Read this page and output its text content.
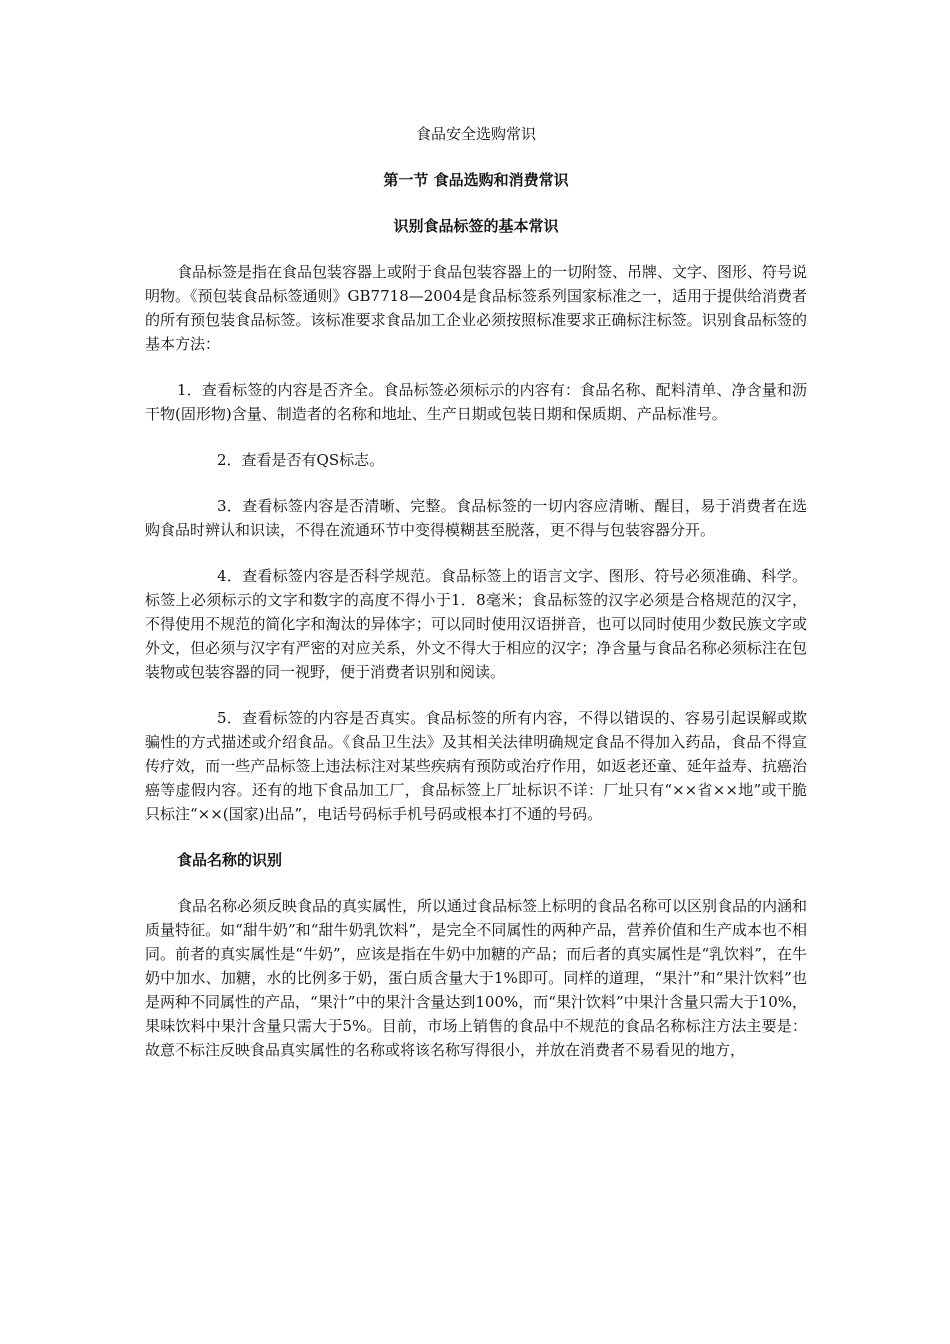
食品安全选购常识
第一节 食品选购和消费常识
识别食品标签的基本常识
食品标签是指在食品包装容器上或附于食品包装容器上的一切附签、吊牌、文字、图形、符号说明物。《预包装食品标签通则》GB7718—2004是食品标签系列国家标准之一，适用于提供给消费者的所有预包装食品标签。该标准要求食品加工企业必须按照标准要求正确标注标签。识别食品标签的基本方法：
1．查看标签的内容是否齐全。食品标签必须标示的内容有：食品名称、配料清单、净含量和沥干物(固形物)含量、制造者的名称和地址、生产日期或包装日期和保质期、产品标准号。
2．查看是否有QS标志。
3．查看标签内容是否清晰、完整。食品标签的一切内容应清晰、醒目，易于消费者在选购食品时辨认和识读，不得在流通环节中变得模糊甚至脱落，更不得与包装容器分开。
4．查看标签内容是否科学规范。食品标签上的语言文字、图形、符号必须准确、科学。标签上必须标示的文字和数字的高度不得小于1．8毫米；食品标签的汉字必须是合格规范的汉字，不得使用不规范的简化字和淘汰的异体字；可以同时使用汉语拼音，也可以同时使用少数民族文字或外文，但必须与汉字有严密的对应关系，外文不得大于相应的汉字；净含量与食品名称必须标注在包装物或包装容器的同一视野，便于消费者识别和阅读。
5．查看标签的内容是否真实。食品标签的所有内容，不得以错误的、容易引起误解或欺骗性的方式描述或介绍食品。《食品卫生法》及其相关法律明确规定食品不得加入药品，食品不得宣传疗效，而一些产品标签上违法标注对某些疾病有预防或治疗作用，如返老还童、延年益寿、抗癌治癌等虚假内容。还有的地下食品加工厂，食品标签上厂址标识不详：厂址只有“××省××地”或干脆只标注“××(国家)出品”，电话号码标手机号码或根本打不通的号码。
食品名称的识别
食品名称必须反映食品的真实属性，所以通过食品标签上标明的食品名称可以区别食品的内涵和质量特征。如“甜牛奶”和“甜牛奶乳饮料”，是完全不同属性的两种产品，营养价值和生产成本也不相同。前者的真实属性是“牛奶”，应该是指在牛奶中加糖的产品；而后者的真实属性是“乳饮料”，在牛奶中加水、加糖，水的比例多于奶，蛋白质含量大于1%即可。同样的道理，“果汁”和“果汁饮料”也是两种不同属性的产品，“果汁”中的果汁含量达到100%，而“果汁饮料”中果汁含量只需大于10%，果味饮料中果汁含量只需大于5%。目前，市场上销售的食品中不规范的食品名称标注方法主要是：故意不标注反映食品真实属性的名称或将该名称写得很小，并放在消费者不易看见的地方，
